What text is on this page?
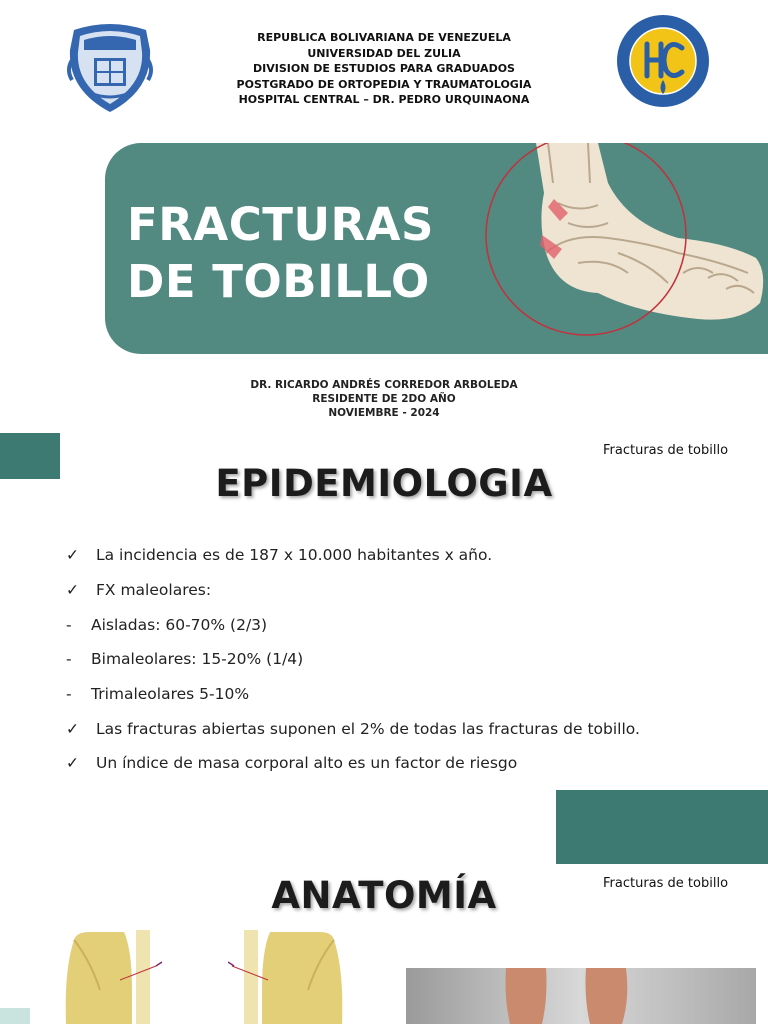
REPUBLICA BOLIVARIANA DE VENEZUELA
UNIVERSIDAD DEL ZULIA
DIVISION DE ESTUDIOS PARA GRADUADOS
POSTGRADO DE ORTOPEDIA Y TRAUMATOLOGIA
HOSPITAL CENTRAL – DR. PEDRO URQUINAONA
FRACTURAS
DE TOBILLO
DR. RICARDO ANDRÉS CORREDOR ARBOLEDA
RESIDENTE DE 2DO AÑO
NOVIEMBRE - 2024
Fracturas de tobillo
EPIDEMIOLOGIA
✓	La incidencia es de 187 x 10.000 habitantes x año.
✓	FX maleolares:
-	Aisladas: 60-70% (2/3)
-	Bimaleolares: 15-20% (1/4)
-	Trimaleolares 5-10%
✓	Las fracturas abiertas suponen el 2% de todas las fracturas de tobillo.
✓	Un índice de masa corporal alto es un factor de riesgo
Fracturas de tobillo
ANATOMÍA
